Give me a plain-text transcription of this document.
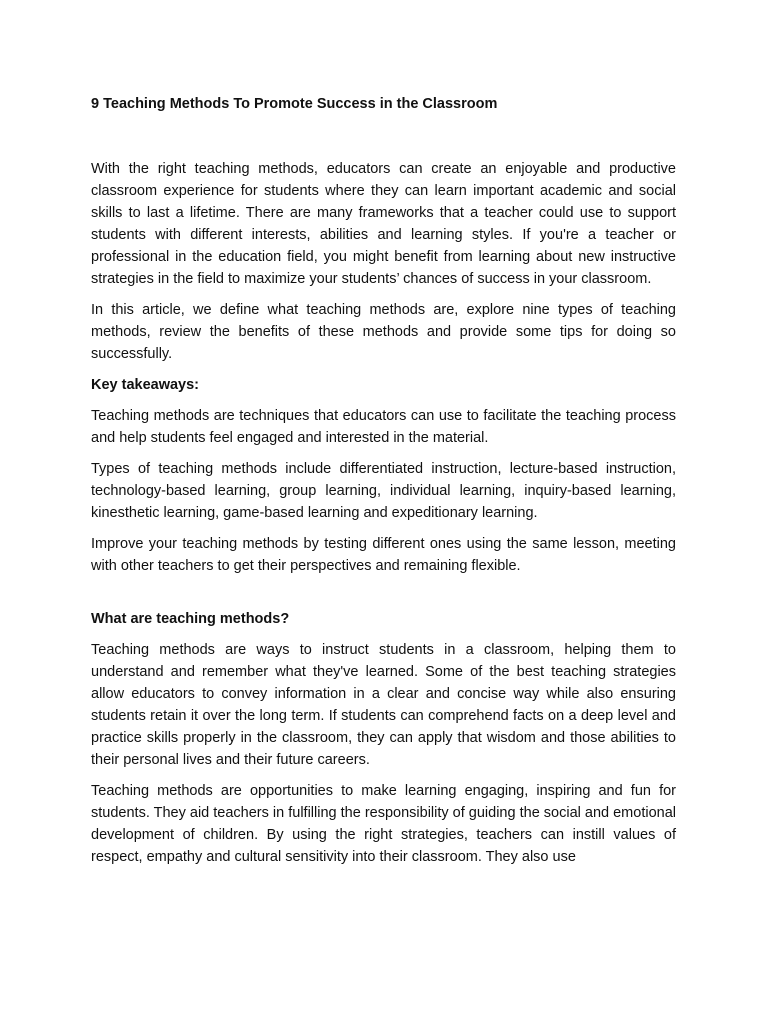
9 Teaching Methods To Promote Success in the Classroom

With the right teaching methods, educators can create an enjoyable and productive classroom experience for students where they can learn important academic and social skills to last a lifetime. There are many frameworks that a teacher could use to support students with different interests, abilities and learning styles. If you're a teacher or professional in the education field, you might benefit from learning about new instructive strategies in the field to maximize your students’ chances of success in your classroom.

In this article, we define what teaching methods are, explore nine types of teaching methods, review the benefits of these methods and provide some tips for doing so successfully.

Key takeaways:

Teaching methods are techniques that educators can use to facilitate the teaching process and help students feel engaged and interested in the material.

Types of teaching methods include differentiated instruction, lecture-based instruction, technology-based learning, group learning, individual learning, inquiry-based learning, kinesthetic learning, game-based learning and expeditionary learning.

Improve your teaching methods by testing different ones using the same lesson, meeting with other teachers to get their perspectives and remaining flexible.

What are teaching methods?

Teaching methods are ways to instruct students in a classroom, helping them to understand and remember what they've learned. Some of the best teaching strategies allow educators to convey information in a clear and concise way while also ensuring students retain it over the long term. If students can comprehend facts on a deep level and practice skills properly in the classroom, they can apply that wisdom and those abilities to their personal lives and their future careers.

Teaching methods are opportunities to make learning engaging, inspiring and fun for students. They aid teachers in fulfilling the responsibility of guiding the social and emotional development of children. By using the right strategies, teachers can instill values of respect, empathy and cultural sensitivity into their classroom. They also use
